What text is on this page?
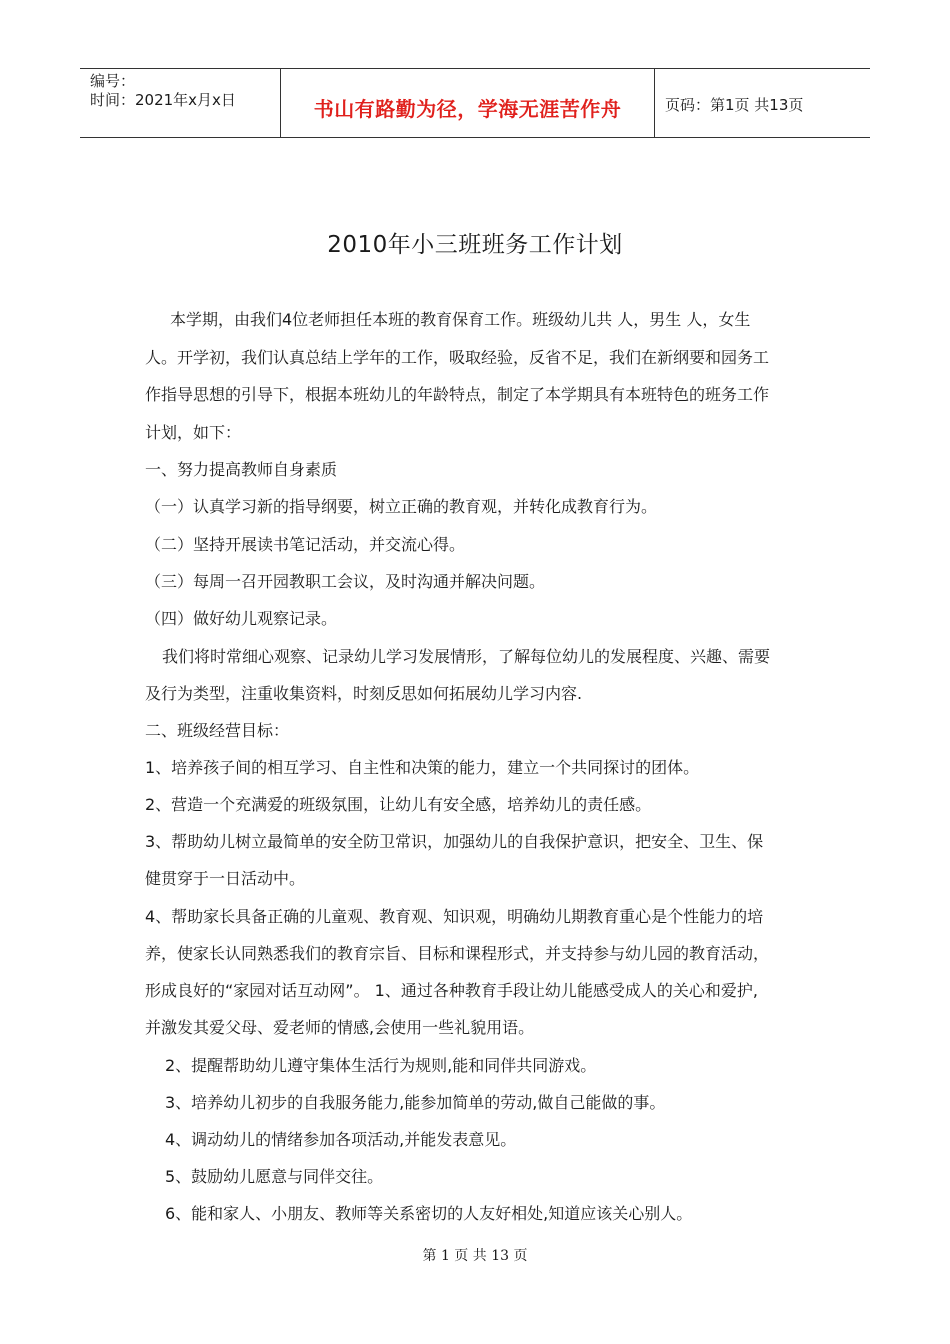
编号：
时间：2021年x月x日	书山有路勤为径，学海无涯苦作舟	页码：第1页 共13页
2010年小三班班务工作计划
本学期，由我们4位老师担任本班的教育保育工作。班级幼儿共 人，男生 人，女生
人。开学初，我们认真总结上学年的工作，吸取经验，反省不足，我们在新纲要和园务工
作指导思想的引导下，根据本班幼儿的年龄特点，制定了本学期具有本班特色的班务工作
计划，如下：
一、努力提高教师自身素质
（一）认真学习新的指导纲要，树立正确的教育观，并转化成教育行为。
（二）坚持开展读书笔记活动，并交流心得。
（三）每周一召开园教职工会议，及时沟通并解决问题。
（四）做好幼儿观察记录。
我们将时常细心观察、记录幼儿学习发展情形，了解每位幼儿的发展程度、兴趣、需要
及行为类型，注重收集资料，时刻反思如何拓展幼儿学习内容.
二、班级经营目标：
1、培养孩子间的相互学习、自主性和决策的能力，建立一个共同探讨的团体。
2、营造一个充满爱的班级氛围，让幼儿有安全感，培养幼儿的责任感。
3、帮助幼儿树立最简单的安全防卫常识，加强幼儿的自我保护意识，把安全、卫生、保
健贯穿于一日活动中。
4、帮助家长具备正确的儿童观、教育观、知识观，明确幼儿期教育重心是个性能力的培
养，使家长认同熟悉我们的教育宗旨、目标和课程形式，并支持参与幼儿园的教育活动，
形成良好的“家园对话互动网”。 1、通过各种教育手段让幼儿能感受成人的关心和爱护,
并激发其爱父母、爱老师的情感,会使用一些礼貌用语。
2、提醒帮助幼儿遵守集体生活行为规则,能和同伴共同游戏。
3、培养幼儿初步的自我服务能力,能参加简单的劳动,做自己能做的事。
4、调动幼儿的情绪参加各项活动,并能发表意见。
5、鼓励幼儿愿意与同伴交往。
6、能和家人、小朋友、教师等关系密切的人友好相处,知道应该关心别人。
第 1 页 共 13 页
